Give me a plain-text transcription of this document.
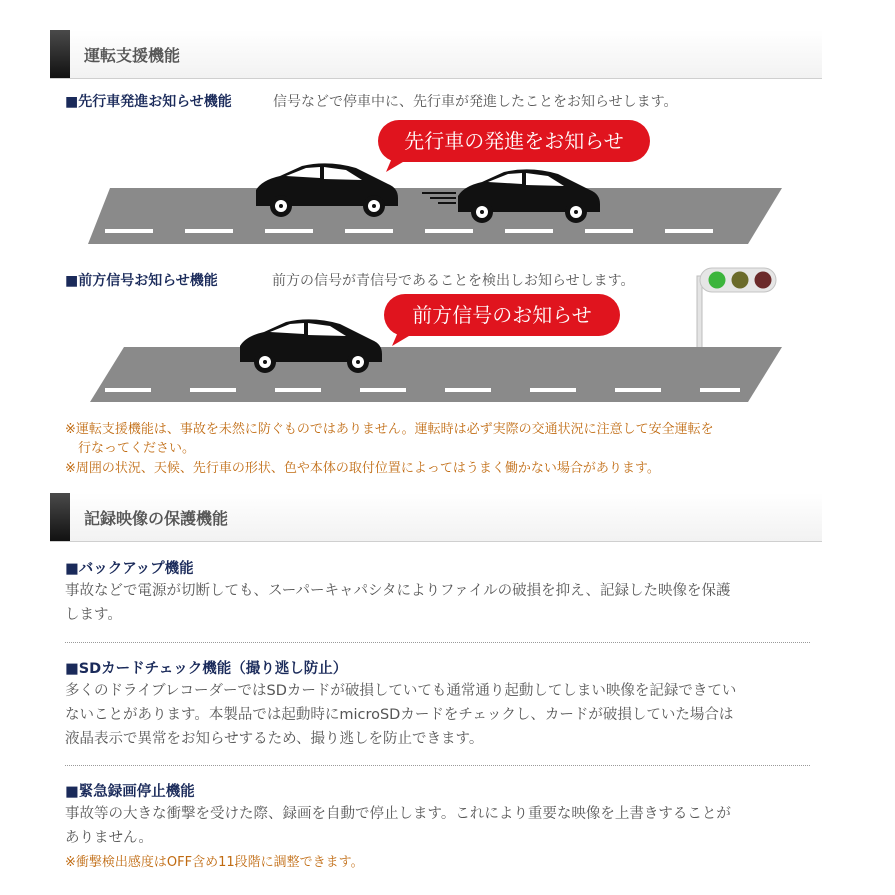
運転支援機能
■先行車発進お知らせ機能	信号などで停車中に、先行車が発進したことをお知らせします。
先行車の発進をお知らせ
■前方信号お知らせ機能	前方の信号が青信号であることを検出しお知らせします。
前方信号のお知らせ
※運転支援機能は、事故を未然に防ぐものではありません。運転時は必ず実際の交通状況に注意して安全運転を
　行なってください。
※周囲の状況、天候、先行車の形状、色や本体の取付位置によってはうまく働かない場合があります。
記録映像の保護機能
■バックアップ機能
事故などで電源が切断しても、スーパーキャパシタによりファイルの破損を抑え、記録した映像を保護
します。
■SDカードチェック機能（撮り逃し防止）
多くのドライブレコーダーではSDカードが破損していても通常通り起動してしまい映像を記録できてい
ないことがあります。本製品では起動時にmicroSDカードをチェックし、カードが破損していた場合は
液晶表示で異常をお知らせするため、撮り逃しを防止できます。
■緊急録画停止機能
事故等の大きな衝撃を受けた際、録画を自動で停止します。これにより重要な映像を上書きすることが
ありません。
※衝撃検出感度はOFF含め11段階に調整できます。
